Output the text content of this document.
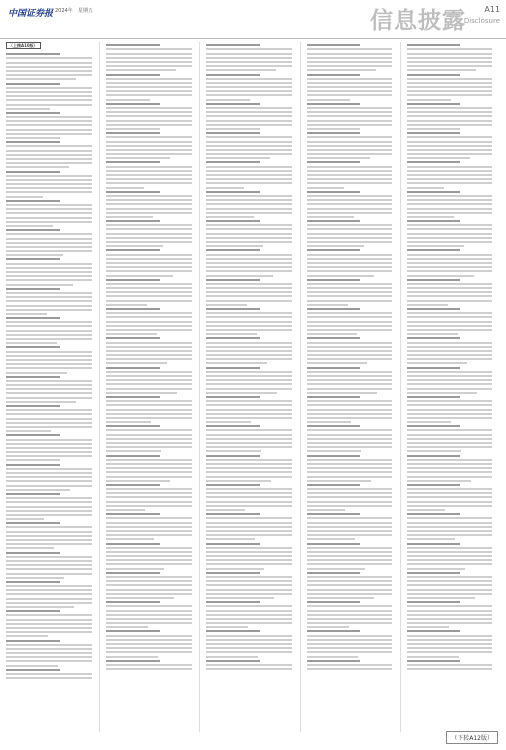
中国证券报 2024年 星期五	信息披露 A11
Disclosure
（上接A10版）
（下转A12版）
